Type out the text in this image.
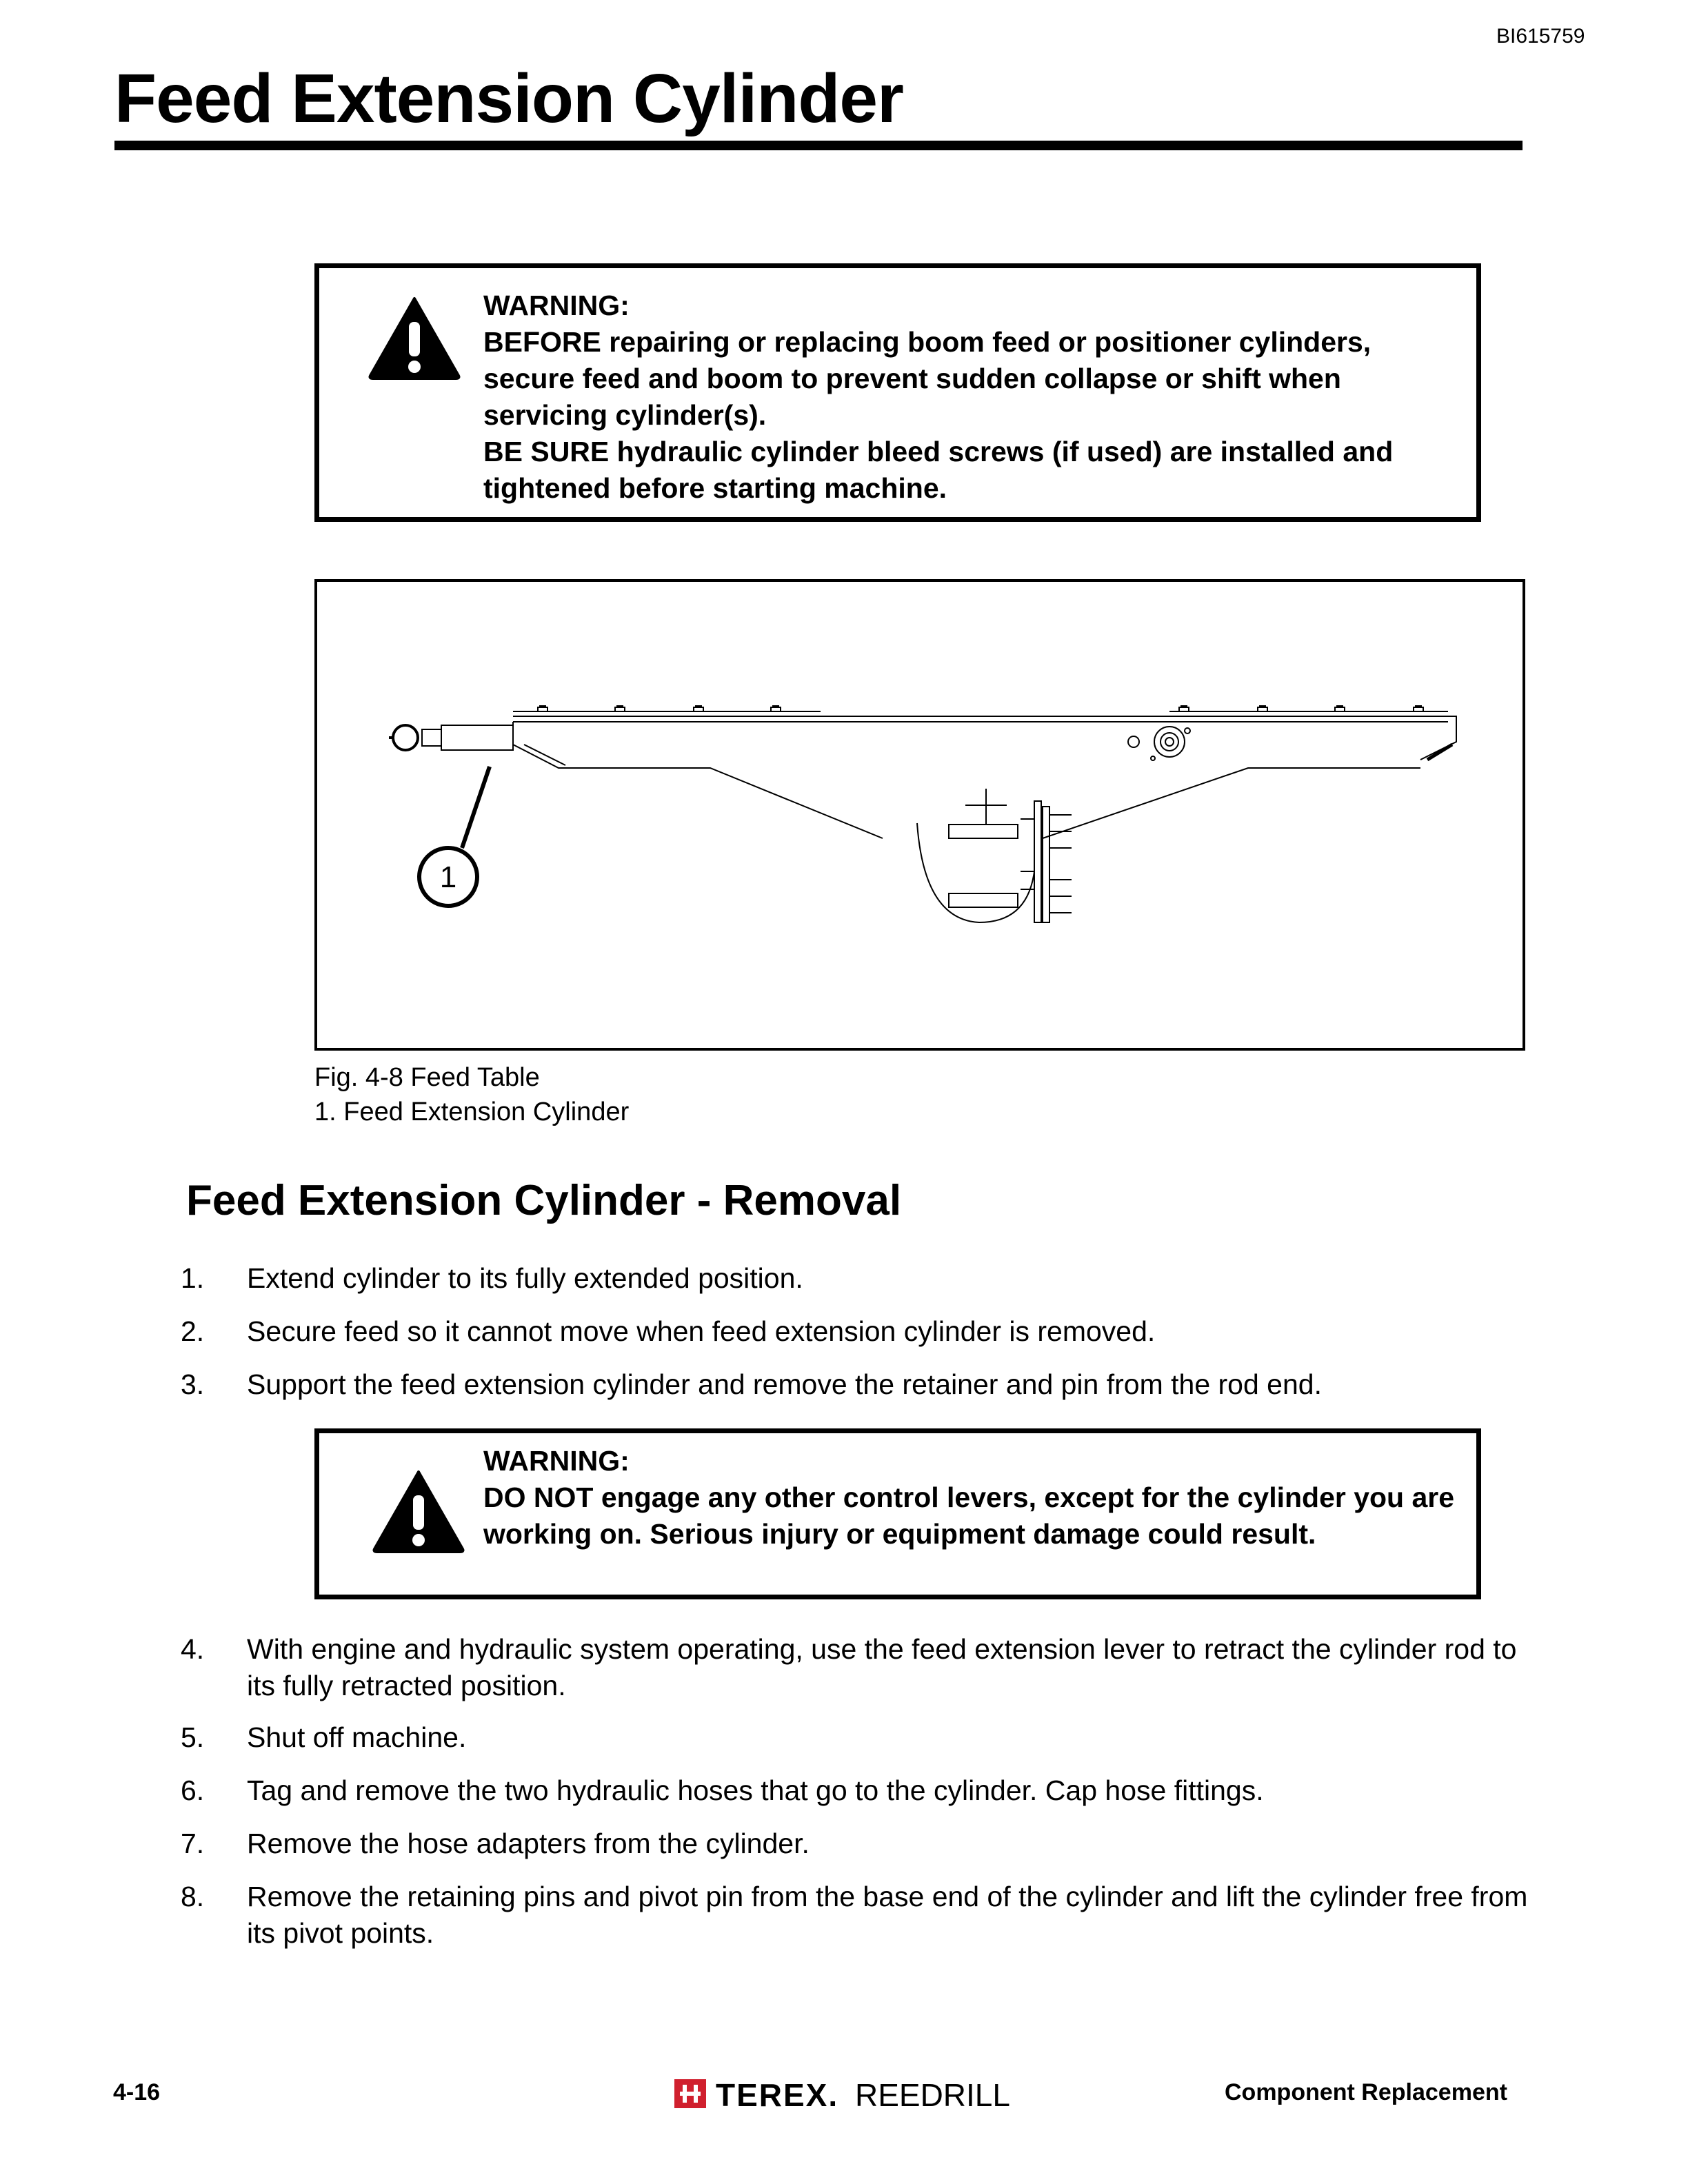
BI615759
Feed Extension Cylinder

WARNING:

BEFORE repairing or replacing boom feed or positioner cylinders, secure feed and boom to prevent sudden collapse or shift when servicing cylinder(s).

BE SURE hydraulic cylinder bleed screws (if used) are installed and tightened before starting machine.

1
Fig. 4-8 Feed Table
1. Feed Extension Cylinder
Feed Extension Cylinder - Removal
1. Extend cylinder to its fully extended position.
2. Secure feed so it cannot move when feed extension cylinder is removed.
3. Support the feed extension cylinder and remove the retainer and pin from the rod end.

WARNING:

DO NOT engage any other control levers, except for the cylinder you are working on. Serious injury or equipment damage could result.

4. With engine and hydraulic system operating, use the feed extension lever to retract the cylinder rod to its fully retracted position.
5. Shut off machine.
6. Tag and remove the two hydraulic hoses that go to the cylinder. Cap hose fittings.
7. Remove the hose adapters from the cylinder.
8. Remove the retaining pins and pivot pin from the base end of the cylinder and lift the cylinder free from its pivot points.
4-16	TEREX. REEDRILL	Component Replacement
